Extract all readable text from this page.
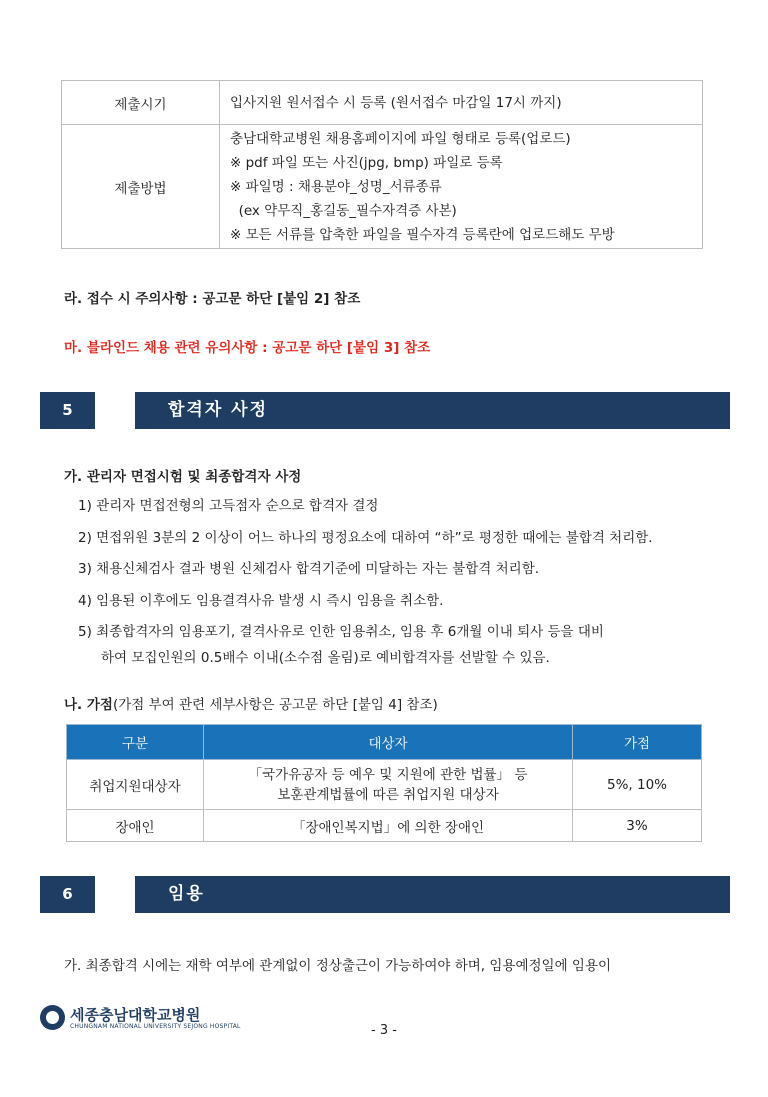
제출시기	입사지원 원서접수 시 등록 (원서접수 마감일 17시 까지)

제출방법	충남대학교병원 채용홈페이지에 파일 형태로 등록(업로드)
※ pdf 파일 또는 사진(jpg, bmp) 파일로 등록
※ 파일명 : 채용분야_성명_서류종류
(ex 약무직_홍길동_필수자격증 사본)
※ 모든 서류를 압축한 파일을 필수자격 등록란에 업로드해도 무방
라. 접수 시 주의사항 : 공고문 하단 [붙임 2] 참조
마. 블라인드 채용 관련 유의사항 : 공고문 하단 [붙임 3] 참조
5	합격자 사정
가. 관리자 면접시험 및 최종합격자 사정
1) 관리자 면접전형의 고득점자 순으로 합격자 결정
2) 면접위원 3분의 2 이상이 어느 하나의 평정요소에 대하여 “하”로 평정한 때에는 불합격 처리함.
3) 채용신체검사 결과 병원 신체검사 합격기준에 미달하는 자는 불합격 처리함.
4) 임용된 이후에도 임용결격사유 발생 시 즉시 임용을 취소함.
5) 최종합격자의 임용포기, 결격사유로 인한 임용취소, 임용 후 6개월 이내 퇴사 등을 대비
하여 모집인원의 0.5배수 이내(소수점 올림)로 예비합격자를 선발할 수 있음.
나. 가점(가점 부여 관련 세부사항은 공고문 하단 [붙임 4] 참조)
구분	대상자	가점
취업지원대상자	「국가유공자 등 예우 및 지원에 관한 법률」 등
보훈관계법률에 따른 취업지원 대상자	5%, 10%
장애인	「장애인복지법」에 의한 장애인	3%
6	임용
가. 최종합격 시에는 재학 여부에 관계없이 정상출근이 가능하여야 하며, 임용예정일에 임용이
세종충남대학교병원
CHUNGNAM NATIONAL UNIVERSITY SEJONG HOSPITAL	- 3 -
